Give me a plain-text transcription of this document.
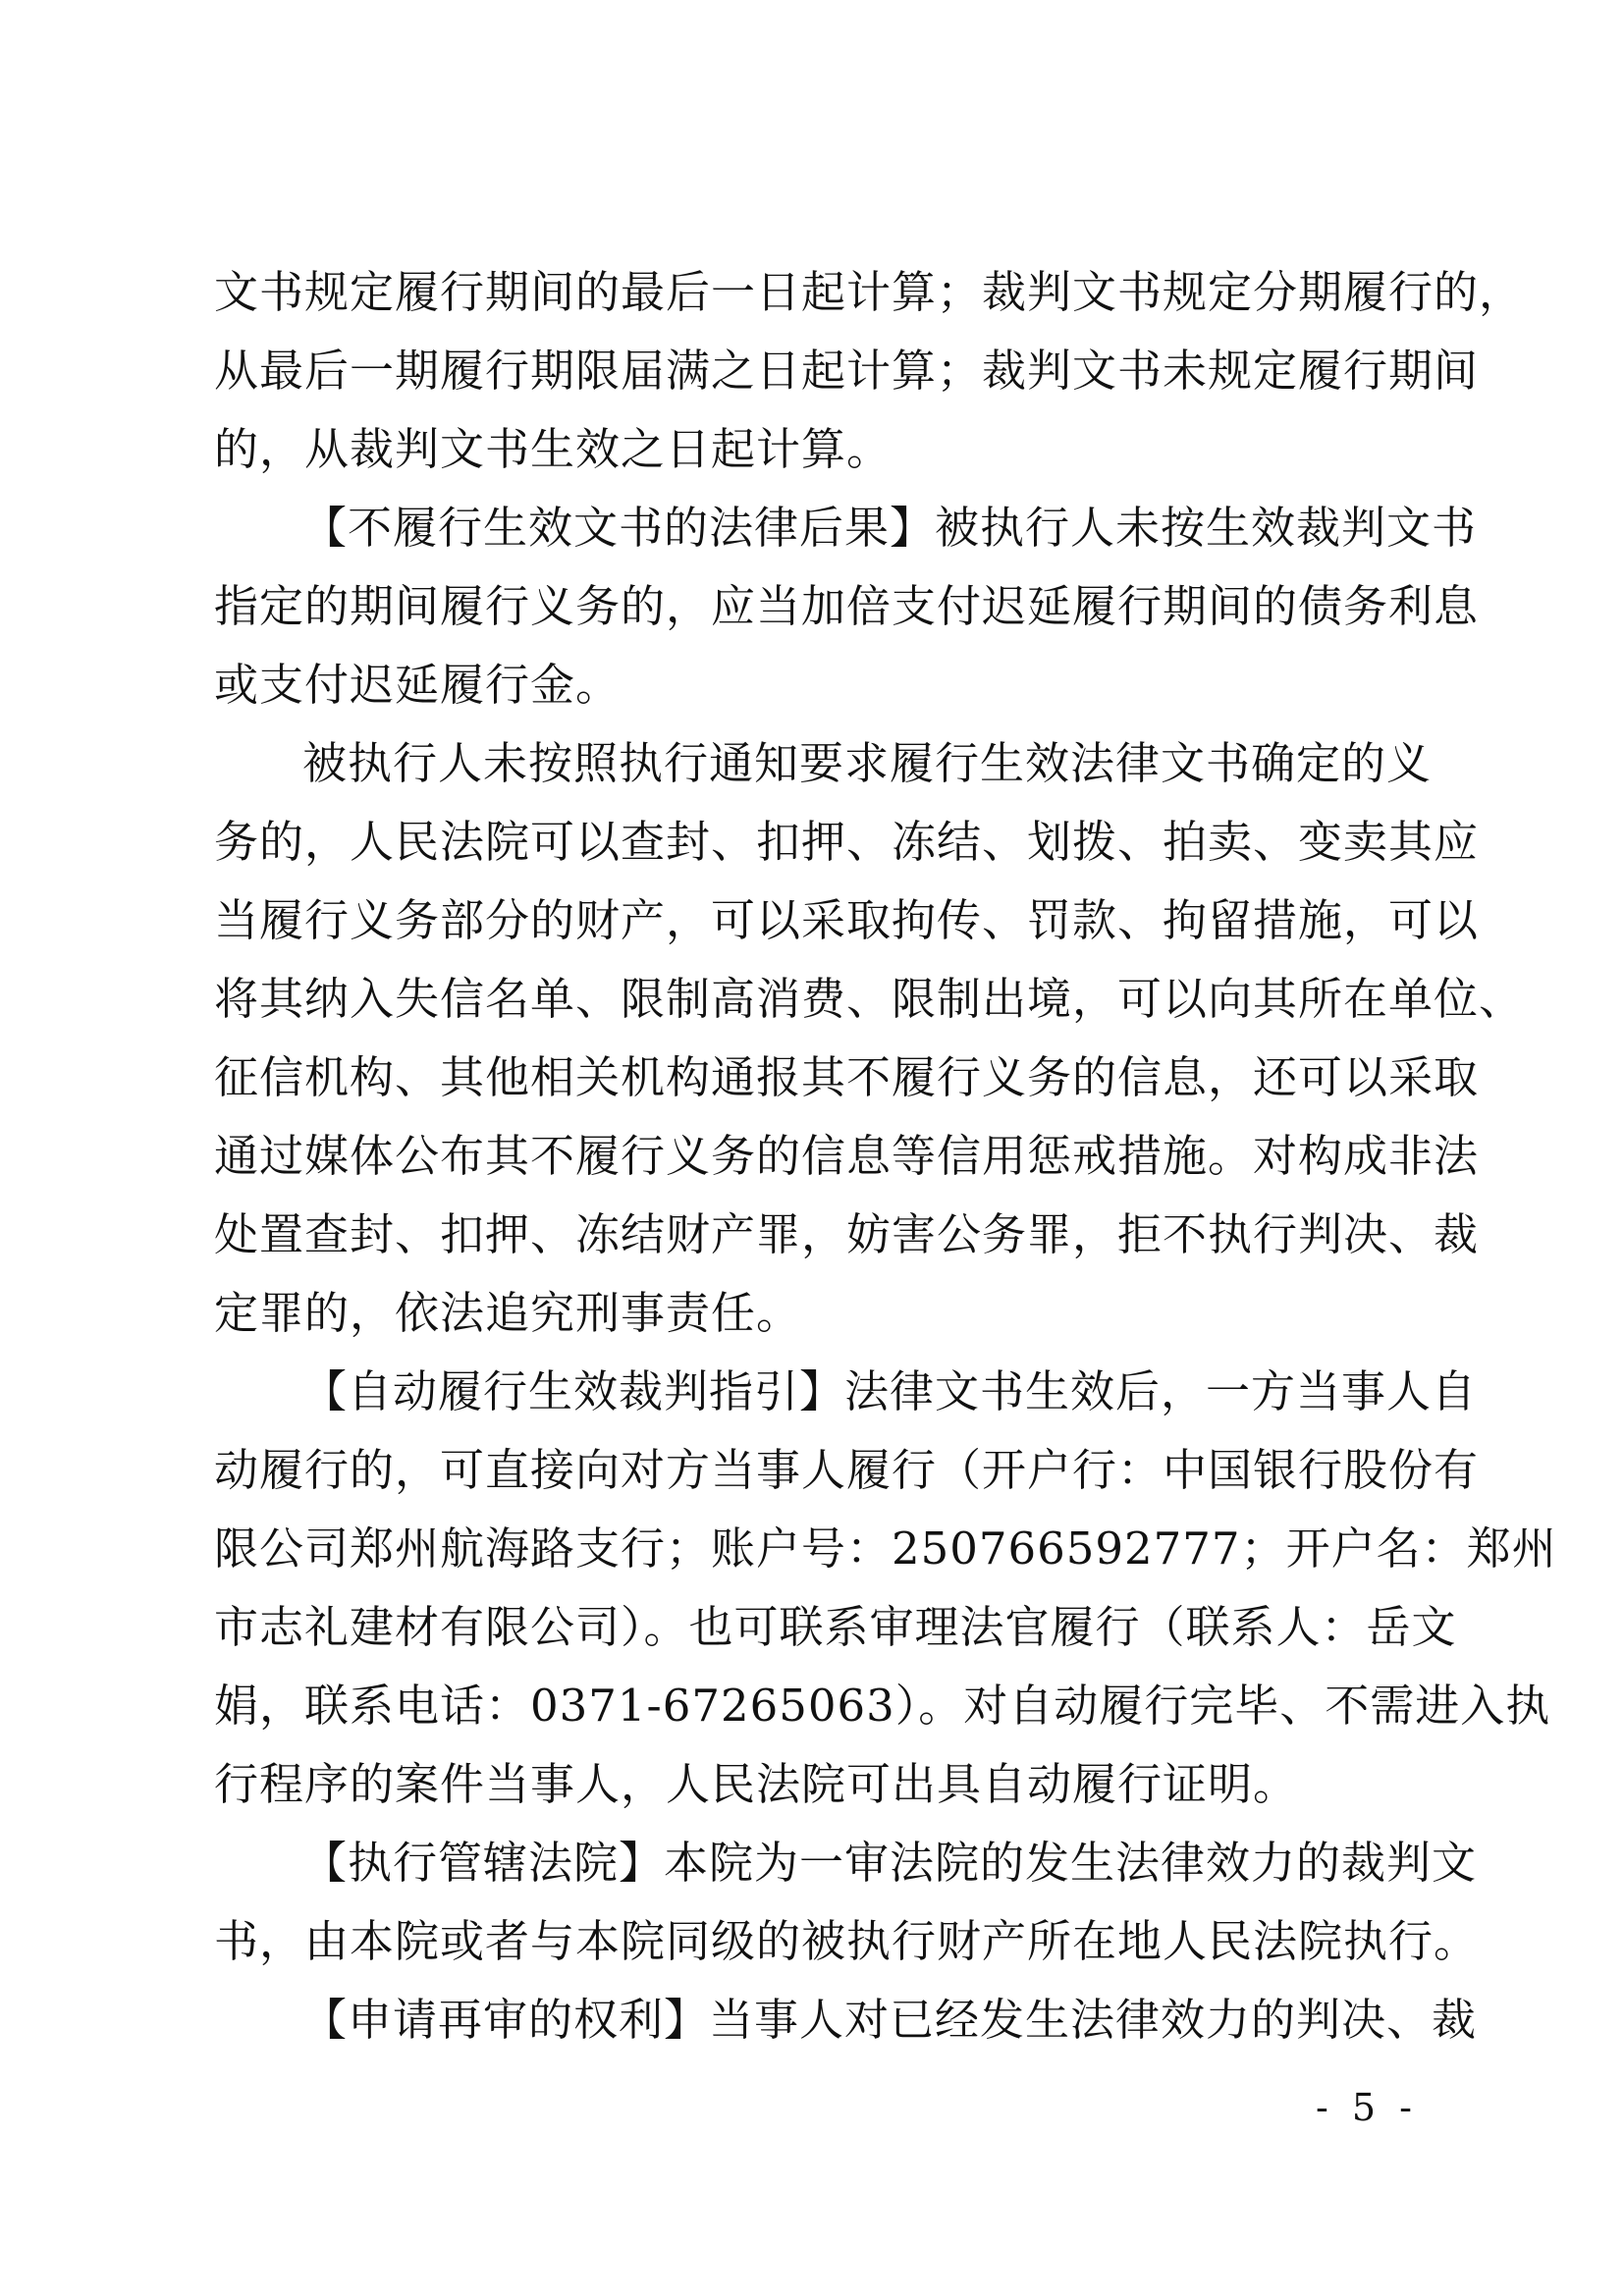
文书规定履行期间的最后一日起计算；裁判文书规定分期履行的，
从最后一期履行期限届满之日起计算；裁判文书未规定履行期间
的，从裁判文书生效之日起计算。

【不履行生效文书的法律后果】被执行人未按生效裁判文书
指定的期间履行义务的，应当加倍支付迟延履行期间的债务利息
或支付迟延履行金。

被执行人未按照执行通知要求履行生效法律文书确定的义
务的，人民法院可以查封、扣押、冻结、划拨、拍卖、变卖其应
当履行义务部分的财产，可以采取拘传、罚款、拘留措施，可以
将其纳入失信名单、限制高消费、限制出境，可以向其所在单位、
征信机构、其他相关机构通报其不履行义务的信息，还可以采取
通过媒体公布其不履行义务的信息等信用惩戒措施。对构成非法
处置查封、扣押、冻结财产罪，妨害公务罪，拒不执行判决、裁
定罪的，依法追究刑事责任。

【自动履行生效裁判指引】法律文书生效后，一方当事人自
动履行的，可直接向对方当事人履行（开户行：中国银行股份有
限公司郑州航海路支行；账户号：250766592777；开户名：郑州
市志礼建材有限公司）。也可联系审理法官履行（联系人：岳文
娟，联系电话：0371-67265063）。对自动履行完毕、不需进入执
行程序的案件当事人，人民法院可出具自动履行证明。

【执行管辖法院】本院为一审法院的发生法律效力的裁判文
书，由本院或者与本院同级的被执行财产所在地人民法院执行。

【申请再审的权利】当事人对已经发生法律效力的判决、裁

- 5 -
